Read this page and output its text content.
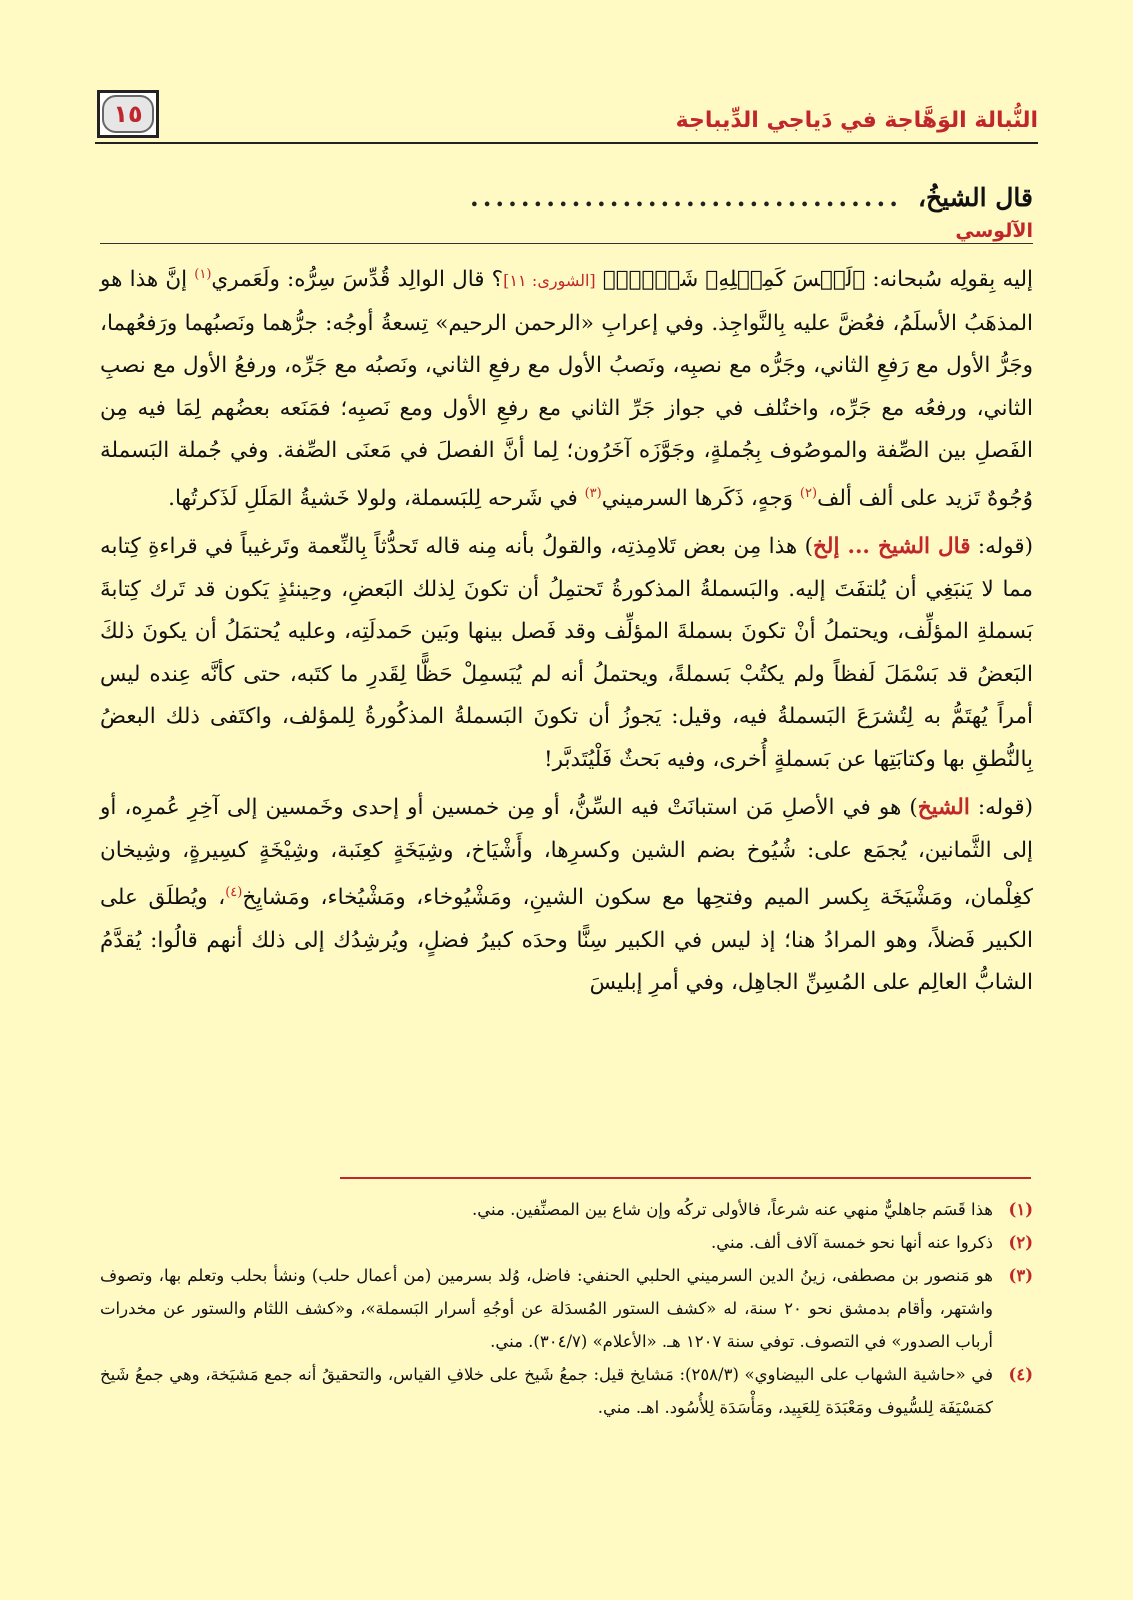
النُّبالة الوَهَّاجة في دَياجي الدِّيباجة
١٥
قال الشيخُ،
..................................
الآلوسي

إليه بِقولِه سُبحانه: ﴿لَيۡسَ كَمِثۡلِهِۦ شَيۡءٞۖ﴾ [الشورى: ١١]؟ قال الوالِد قُدِّسَ سِرُّه: ولَعَمري$^{(١)}$ إنَّ هذا هو المذهَبُ الأسلَمُ، فعُضَّ عليه بِالنَّواجِذ. وفي إعرابِ «الرحمن الرحيم» تِسعةُ أوجُه: جرُّهما ونَصبُهما ورَفعُهما، وجَرُّ الأول مع رَفعِ الثاني، وجَرُّه مع نصبِه، ونَصبُ الأول مع رفعِ الثاني، ونَصبُه مع جَرِّه، ورفعُ الأول مع نصبِ الثاني، ورفعُه مع جَرِّه، واختُلف في جواز جَرِّ الثاني مع رفعِ الأول ومع نَصبِه؛ فمَنَعه بعضُهم لِمَا فيه مِن الفَصلِ بين الصِّفة والموصُوف بِجُملةٍ، وجَوَّزَه آخَرُون؛ لِما أنَّ الفصلَ في مَعنَى الصِّفة. وفي جُملة البَسملة وُجُوهٌ تَزيد على ألف ألف$^{(٢)}$ وَجهٍ، ذَكَرها السرميني$^{(٣)}$ في شَرحه لِلبَسملة، ولولا خَشيةُ المَلَلِ لَذَكرتُها.

(قوله: قال الشيخ ... إلخ) هذا مِن بعض تَلامِذتِه، والقولُ بأنه مِنه قاله تَحدُّثاً بِالنِّعمة وتَرغيباً في قراءةِ كِتابه مما لا يَنبَغِي أن يُلتفَتَ إليه. والبَسملةُ المذكورةُ تَحتمِلُ أن تكونَ لِذلك البَعضِ، وحِينئذٍ يَكون قد تَرك كِتابةَ بَسملةِ المؤلِّف، ويحتملُ أنْ تكونَ بسملةَ المؤلِّف وقد فَصل بينها وبَين حَمدلَتِه، وعليه يُحتمَلُ أن يكونَ ذلكَ البَعضُ قد بَسْمَلَ لَفظاً ولم يكتُبْ بَسملةً، ويحتملُ أنه لم يُبَسمِلْ حَظًّا لِقَدرِ ما كتَبه، حتى كأنَّه عِنده ليس أمراً يُهتَمُّ به لِتُشرَعَ البَسملةُ فيه، وقيل: يَجوزُ أن تكونَ البَسملةُ المذكُورةُ لِلمؤلف، واكتَفى ذلك البعضُ بِالنُّطقِ بها وكتابَتِها عن بَسملةٍ أُخرى، وفيه بَحثٌ فَلْيُتَدبَّر!

(قوله: الشيخ) هو في الأصلِ مَن استبانَتْ فيه السِّنُّ، أو مِن خمسين أو إحدى وخَمسين إلى آخِرِ عُمرِه، أو إلى الثَّمانين، يُجمَع على: شُيُوخ بضم الشين وكسرِها، وأَشْيَاخ، وشِيَخَةٍ كعِنَبة، وشِيْخَةٍ كسِيرةٍ، وشِيخان كغِلْمان، ومَشْيَخَة بِكسر الميم وفتحِها مع سكون الشينِ، ومَشْيُوخاء، ومَشْيُخاء، ومَشايِخ$^{(٤)}$، ويُطلَق على الكبير فَضلاً، وهو المرادُ هنا؛ إذ ليس في الكبير سِنًّا وحدَه كبيرُ فضلٍ، ويُرشِدُك إلى ذلك أنهم قالُوا: يُقدَّمُ الشابُّ العالِم على المُسِنِّ الجاهِل، وفي أمرِ إبليسَ

(١)
هذا قَسَم جاهليٌّ منهي عنه شرعاً، فالأولى تركُه وإن شاع بين المصنِّفين. مني.
(٢)
ذكروا عنه أنها نحو خمسة آلاف ألف. مني.
(٣)
هو مَنصور بن مصطفى، زينُ الدين السرميني الحلبي الحنفي: فاضل، وُلد بسرمين (من أعمال حلب) ونشأ بحلب وتعلم بها، وتصوف واشتهر، وأقام بدمشق نحو ٢٠ سنة، له «كشف الستور المُسدَلة عن أوجُهِ أسرار البَسملة»، و«كشف اللثام والستور عن مخدرات أرباب الصدور» في التصوف. توفي سنة ١٢٠٧ هـ. «الأعلام» (٣٠٤/٧). مني.
(٤)
في «حاشية الشهاب على البيضاوي» (٢٥٨/٣): مَشايخ قيل: جمعُ شَيخ على خلافِ القياس، والتحقيقُ أنه جمع مَشيَخة، وهي جمعُ شَيخ كمَسْيَفَة لِلسُّيوف ومَعْبَدَة لِلعَبِيد، ومَأْسَدَة لِلأُسُود. اهـ. مني.
